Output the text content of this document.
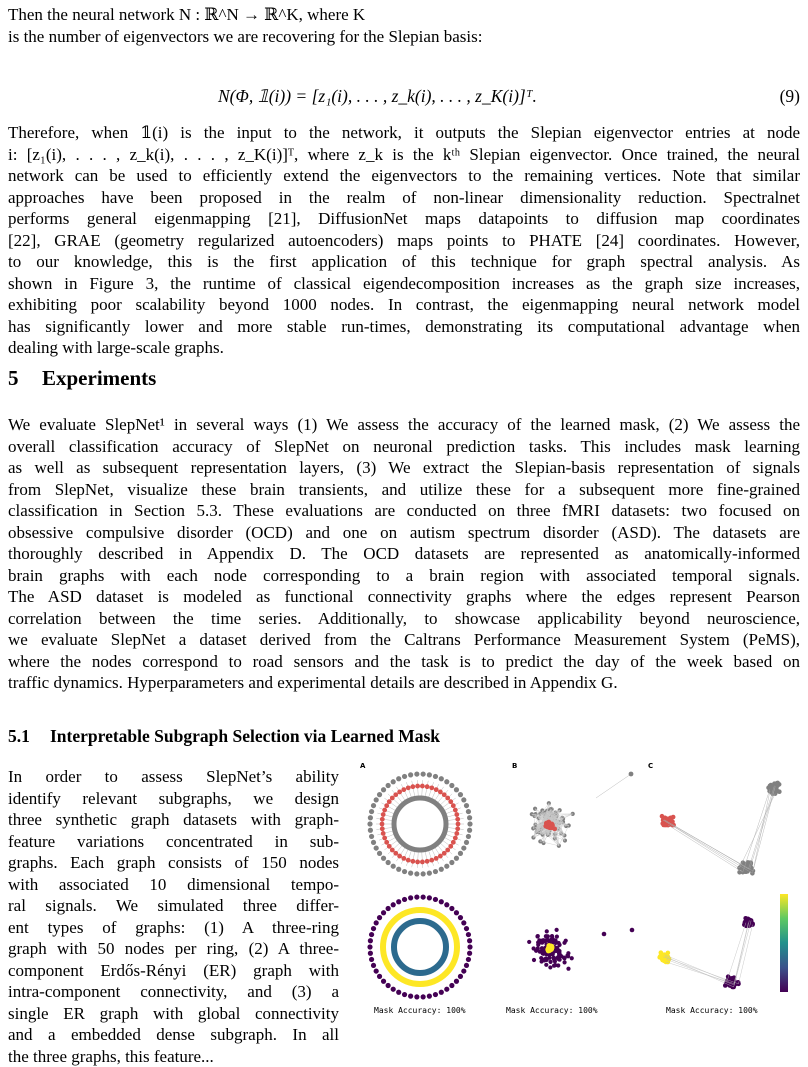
Then the neural network N : ℝ^N → ℝ^K, where K
is the number of eigenvectors we are recovering for the Slepian basis:
N(Φ, 𝟙(i)) = [z₁(i), . . . , z_k(i), . . . , z_K(i)]ᵀ.	(9)
Therefore, when 𝟙(i) is the input to the network, it outputs the Slepian eigenvector entries at node
i: [z₁(i), . . . , z_k(i), . . . , z_K(i)]ᵀ, where z_k is the kᵗʰ Slepian eigenvector. Once trained, the neural
network can be used to efficiently extend the eigenvectors to the remaining vertices. Note that similar
approaches have been proposed in the realm of non-linear dimensionality reduction. Spectralnet
performs general eigenmapping [21], DiffusionNet maps datapoints to diffusion map coordinates
[22], GRAE (geometry regularized autoencoders) maps points to PHATE [24] coordinates. However,
to our knowledge, this is the first application of this technique for graph spectral analysis. As
shown in Figure 3, the runtime of classical eigendecomposition increases as the graph size increases,
exhibiting poor scalability beyond 1000 nodes. In contrast, the eigenmapping neural network model
has significantly lower and more stable run-times, demonstrating its computational advantage when
dealing with large-scale graphs.
5 Experiments
We evaluate SlepNet¹ in several ways (1) We assess the accuracy of the learned mask, (2) We assess the
overall classification accuracy of SlepNet on neuronal prediction tasks. This includes mask learning
as well as subsequent representation layers, (3) We extract the Slepian-basis representation of signals
from SlepNet, visualize these brain transients, and utilize these for a subsequent more fine-grained
classification in Section 5.3. These evaluations are conducted on three fMRI datasets: two focused on
obsessive compulsive disorder (OCD) and one on autism spectrum disorder (ASD). The datasets are
thoroughly described in Appendix D. The OCD datasets are represented as anatomically-informed
brain graphs with each node corresponding to a brain region with associated temporal signals.
The ASD dataset is modeled as functional connectivity graphs where the edges represent Pearson
correlation between the time series. Additionally, to showcase applicability beyond neuroscience,
we evaluate SlepNet a dataset derived from the Caltrans Performance Measurement System (PeMS),
where the nodes correspond to road sensors and the task is to predict the day of the week based on
traffic dynamics. Hyperparameters and experimental details are described in Appendix G.
5.1 Interpretable Subgraph Selection via Learned Mask
In order to assess SlepNet’s ability
identify relevant subgraphs, we design
three synthetic graph datasets with graph-
feature variations concentrated in sub-
graphs. Each graph consists of 150 nodes
with associated 10 dimensional tempo-
ral signals. We simulated three differ-
ent types of graphs: (1) A three-ring
graph with 50 nodes per ring, (2) A three-
component Erdős-Rényi (ER) graph with
intra-component connectivity, and (3) a
single ER graph with global connectivity
and a embedded dense subgraph. In all
the three graphs, this feature...
A	B	C
Mask Accuracy: 100%	Mask Accuracy: 100%	Mask Accuracy: 100%
